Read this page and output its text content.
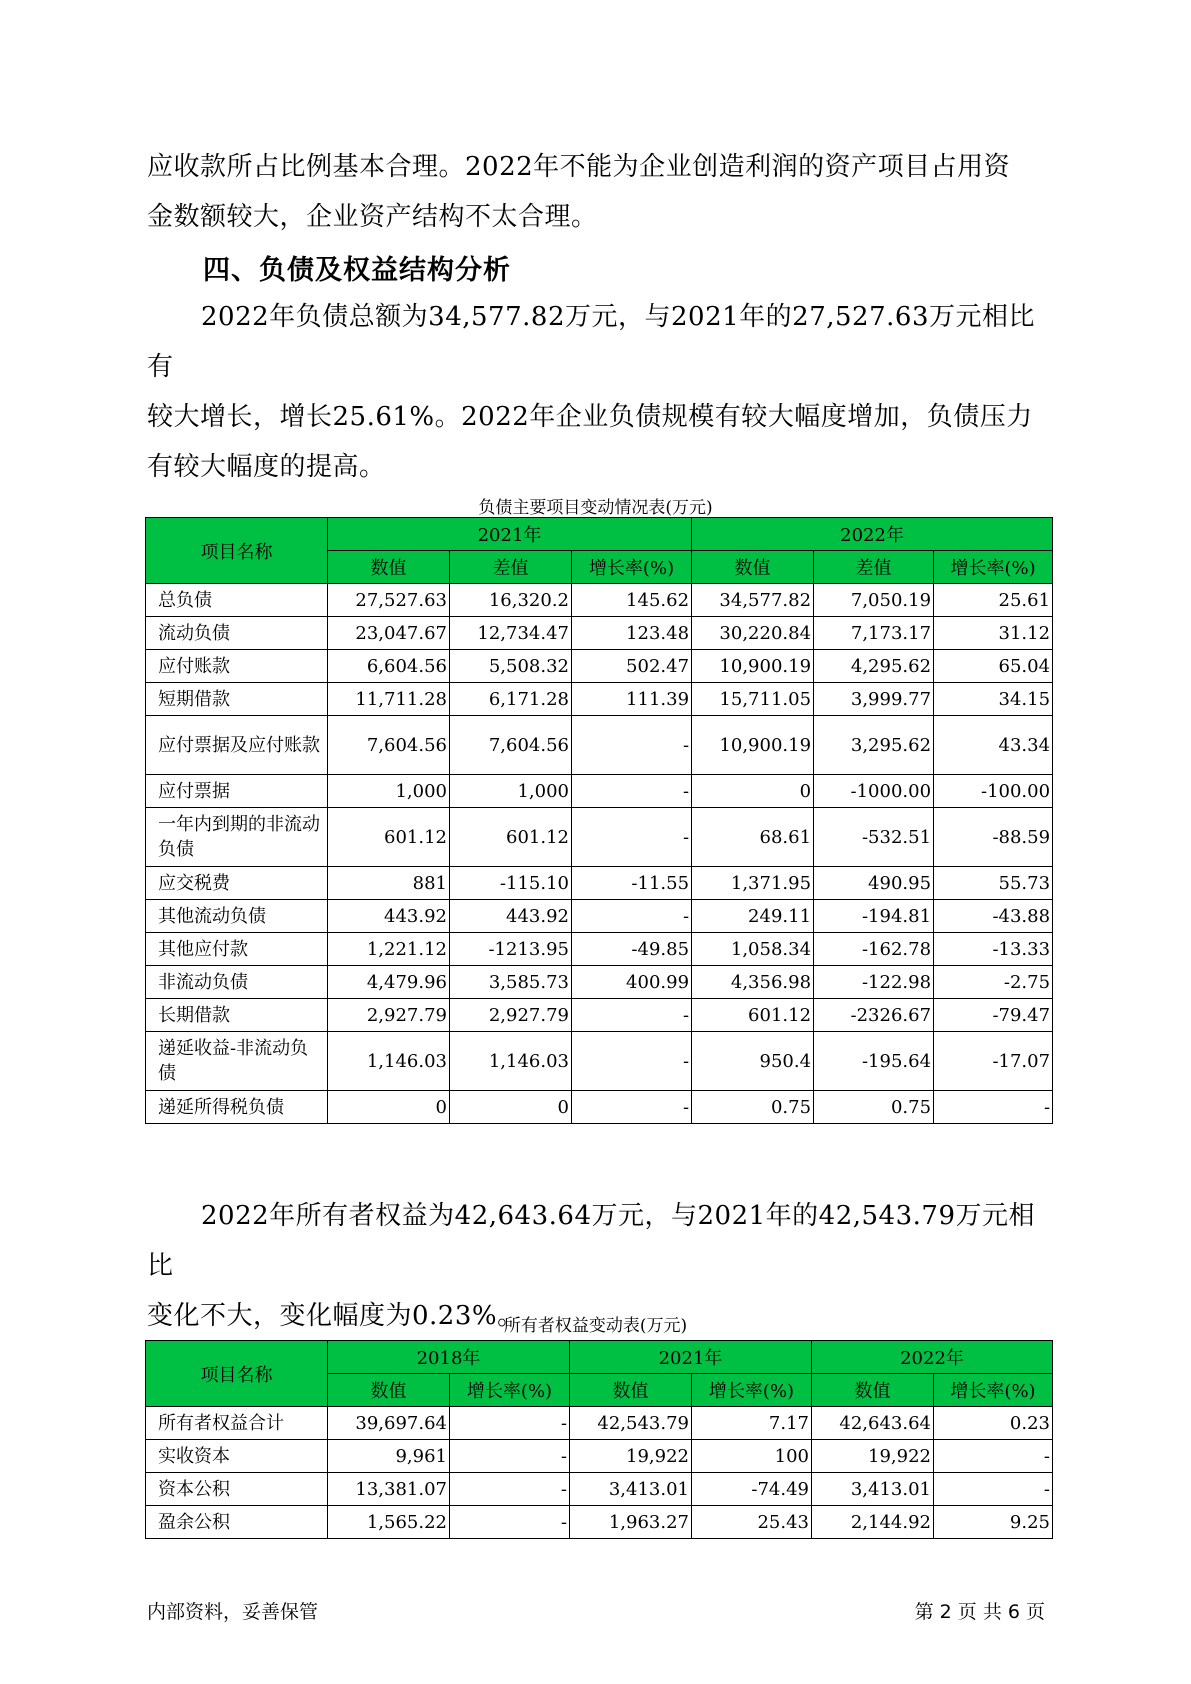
应收款所占比例基本合理。2022年不能为企业创造利润的资产项目占用资

金数额较大，企业资产结构不太合理。

四、负债及权益结构分析

2022年负债总额为34,577.82万元，与2021年的27,527.63万元相比有

较大增长，增长25.61%。2022年企业负债规模有较大幅度增加，负债压力

有较大幅度的提高。

负债主要项目变动情况表(万元)
项目名称	2021年			2022年		
	数值	差值	增长率(%)	数值	差值	增长率(%)
总负债	27,527.63	16,320.2	145.62	34,577.82	7,050.19	25.61
流动负债	23,047.67	12,734.47	123.48	30,220.84	7,173.17	31.12
应付账款	6,604.56	5,508.32	502.47	10,900.19	4,295.62	65.04
短期借款	11,711.28	6,171.28	111.39	15,711.05	3,999.77	34.15
应付票据及应付账款	7,604.56	7,604.56	-	10,900.19	3,295.62	43.34
应付票据	1,000	1,000	-	0	-1000.00	-100.00
一年内到期的非流动负债	601.12	601.12	-	68.61	-532.51	-88.59
应交税费	881	-115.10	-11.55	1,371.95	490.95	55.73
其他流动负债	443.92	443.92	-	249.11	-194.81	-43.88
其他应付款	1,221.12	-1213.95	-49.85	1,058.34	-162.78	-13.33
非流动负债	4,479.96	3,585.73	400.99	4,356.98	-122.98	-2.75
长期借款	2,927.79	2,927.79	-	601.12	-2326.67	-79.47
递延收益-非流动负债	1,146.03	1,146.03	-	950.4	-195.64	-17.07
递延所得税负债	0	0	-	0.75	0.75	-

2022年所有者权益为42,643.64万元，与2021年的42,543.79万元相比

变化不大，变化幅度为0.23%。

所有者权益变动表(万元)
项目名称	2018年		2021年		2022年	
	数值	增长率(%)	数值	增长率(%)	数值	增长率(%)
所有者权益合计	39,697.64	-	42,543.79	7.17	42,643.64	0.23
实收资本	9,961	-	19,922	100	19,922	-
资本公积	13,381.07	-	3,413.01	-74.49	3,413.01	-
盈余公积	1,565.22	-	1,963.27	25.43	2,144.92	9.25
内部资料，妥善保管	第 2 页 共 6 页
